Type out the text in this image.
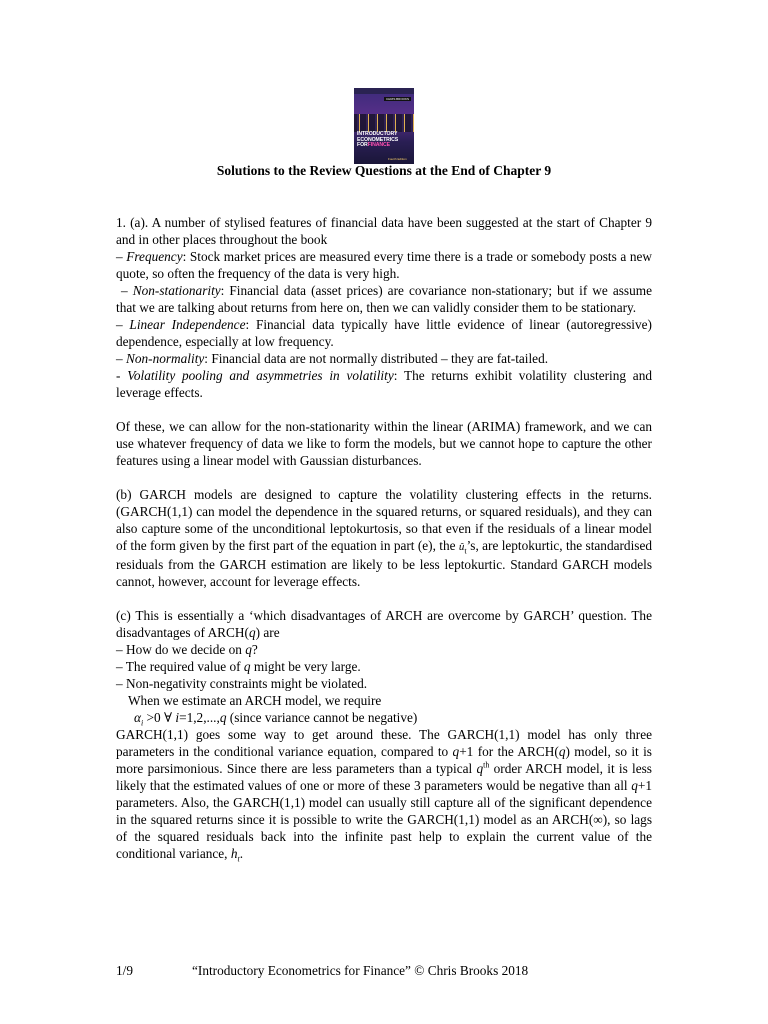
CHRIS BROOKS
INTRODUCTORY
ECONOMETRICS
FORFINANCE
Fourth Edition
Solutions to the Review Questions at the End of Chapter 9

1. (a). A number of stylised features of financial data have been suggested at the start of Chapter 9 and in other places throughout the book

– Frequency: Stock market prices are measured every time there is a trade or somebody posts a new quote, so often the frequency of the data is very high.

– Non-stationarity: Financial data (asset prices) are covariance non-stationary; but if we assume that we are talking about returns from here on, then we can validly consider them to be stationary.

– Linear Independence: Financial data typically have little evidence of linear (autoregressive) dependence, especially at low frequency.

– Non-normality: Financial data are not normally distributed – they are fat-tailed.

- Volatility pooling and asymmetries in volatility: The returns exhibit volatility clustering and leverage effects.

Of these, we can allow for the non-stationarity within the linear (ARIMA) framework, and we can use whatever frequency of data we like to form the models, but we cannot hope to capture the other features using a linear model with Gaussian disturbances.

(b) GARCH models are designed to capture the volatility clustering effects in the returns. (GARCH(1,1) can model the dependence in the squared returns, or squared residuals), and they can also capture some of the unconditional leptokurtosis, so that even if the residuals of a linear model of the form given by the first part of the equation in part (e), the $û_t’s$, are leptokurtic, the standardised residuals from the GARCH estimation are likely to be less leptokurtic. Standard GARCH models cannot, however, account for leverage effects.

(c) This is essentially a ‘which disadvantages of ARCH are overcome by GARCH’ question. The disadvantages of ARCH(q) are

– How do we decide on q?

– The required value of q might be very large.

– Non-negativity constraints might be violated.

When we estimate an ARCH model, we require

$\alpha_i >0$ ∀ i=1,2,...,q (since variance cannot be negative)

GARCH(1,1) goes some way to get around these. The GARCH(1,1) model has only three parameters in the conditional variance equation, compared to q+1 for the ARCH(q) model, so it is more parsimonious. Since there are less parameters than a typical $q^{th}$ order ARCH model, it is less likely that the estimated values of one or more of these 3 parameters would be negative than all q+1 parameters. Also, the GARCH(1,1) model can usually still capture all of the significant dependence in the squared returns since it is possible to write the GARCH(1,1) model as an ARCH(∞), so lags of the squared residuals back into the infinite past help to explain the current value of the conditional variance, $h_t$.

1/9	“Introductory Econometrics for Finance” © Chris Brooks 2018
